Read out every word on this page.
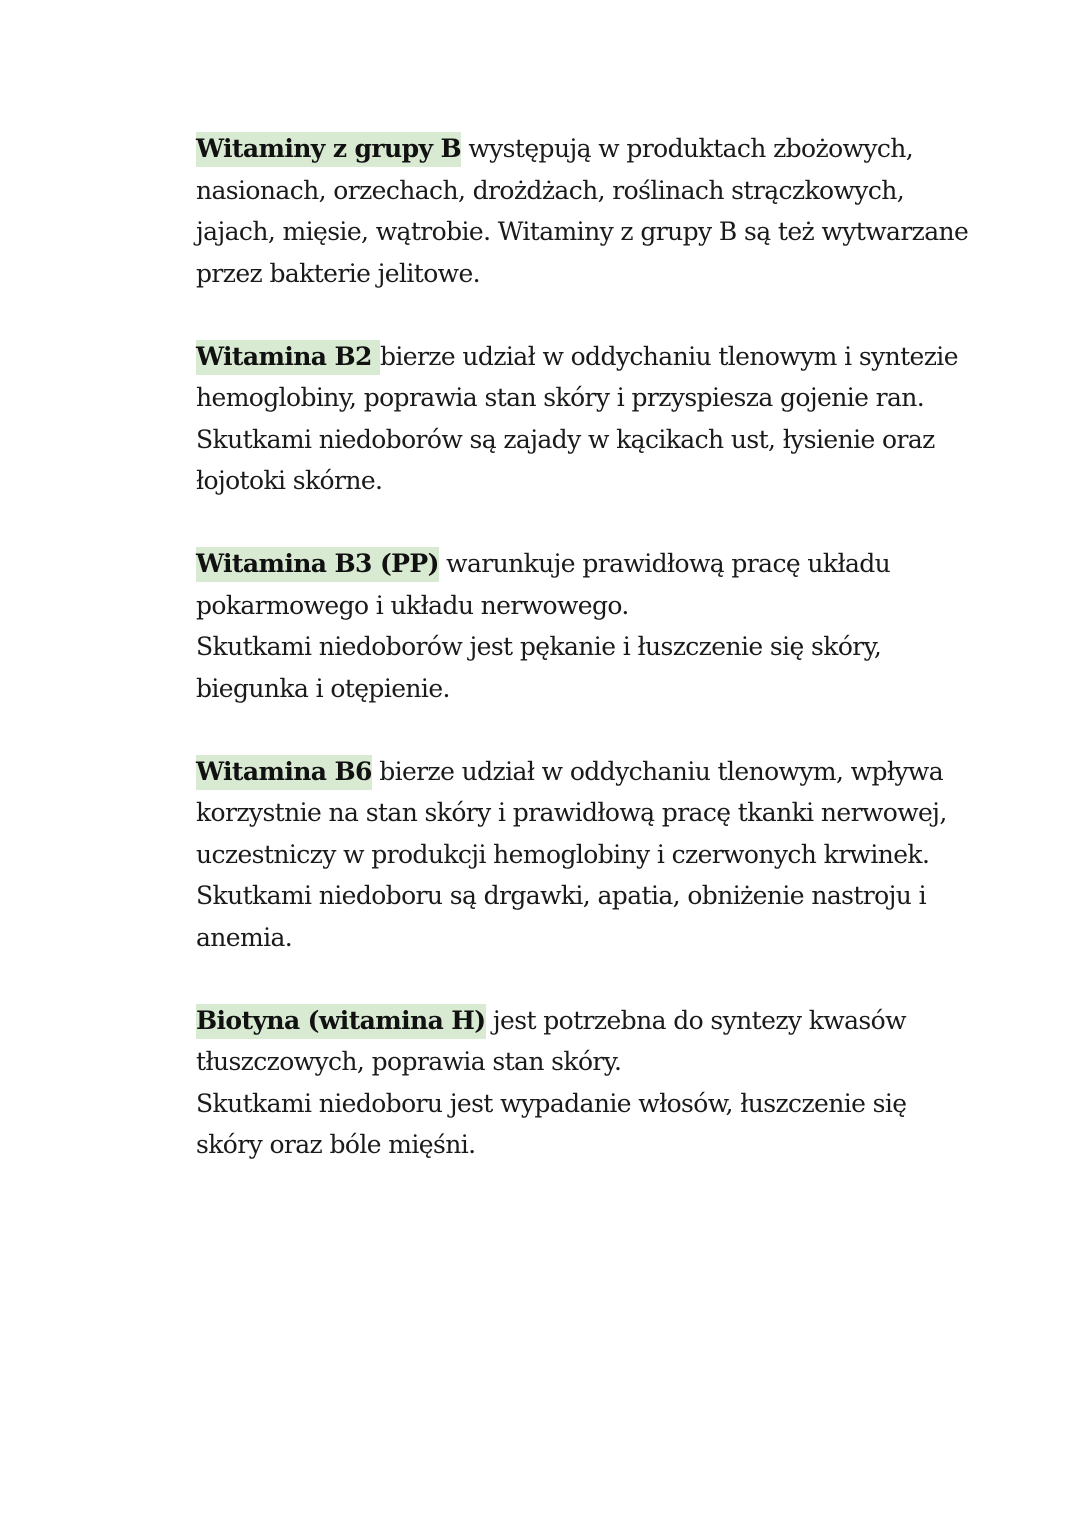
Witaminy z grupy B występują w produktach zbożowych, nasionach, orzechach, drożdżach, roślinach strączkowych, jajach, mięsie, wątrobie. Witaminy z grupy B są też wytwarzane przez bakterie jelitowe.

Witamina B2 bierze udział w oddychaniu tlenowym i syntezie hemoglobiny, poprawia stan skóry i przyspiesza gojenie ran.

Skutkami niedoborów są zajady w kącikach ust, łysienie oraz łojotoki skórne.

Witamina B3 (PP) warunkuje prawidłową pracę układu pokarmowego i układu nerwowego.

Skutkami niedoborów jest pękanie i łuszczenie się skóry, biegunka i otępienie.

Witamina B6 bierze udział w oddychaniu tlenowym, wpływa korzystnie na stan skóry i prawidłową pracę tkanki nerwowej, uczestniczy w produkcji hemoglobiny i czerwonych krwinek.

Skutkami niedoboru są drgawki, apatia, obniżenie nastroju i anemia.

Biotyna (witamina H) jest potrzebna do syntezy kwasów tłuszczowych, poprawia stan skóry.

Skutkami niedoboru jest wypadanie włosów, łuszczenie się skóry oraz bóle mięśni.
